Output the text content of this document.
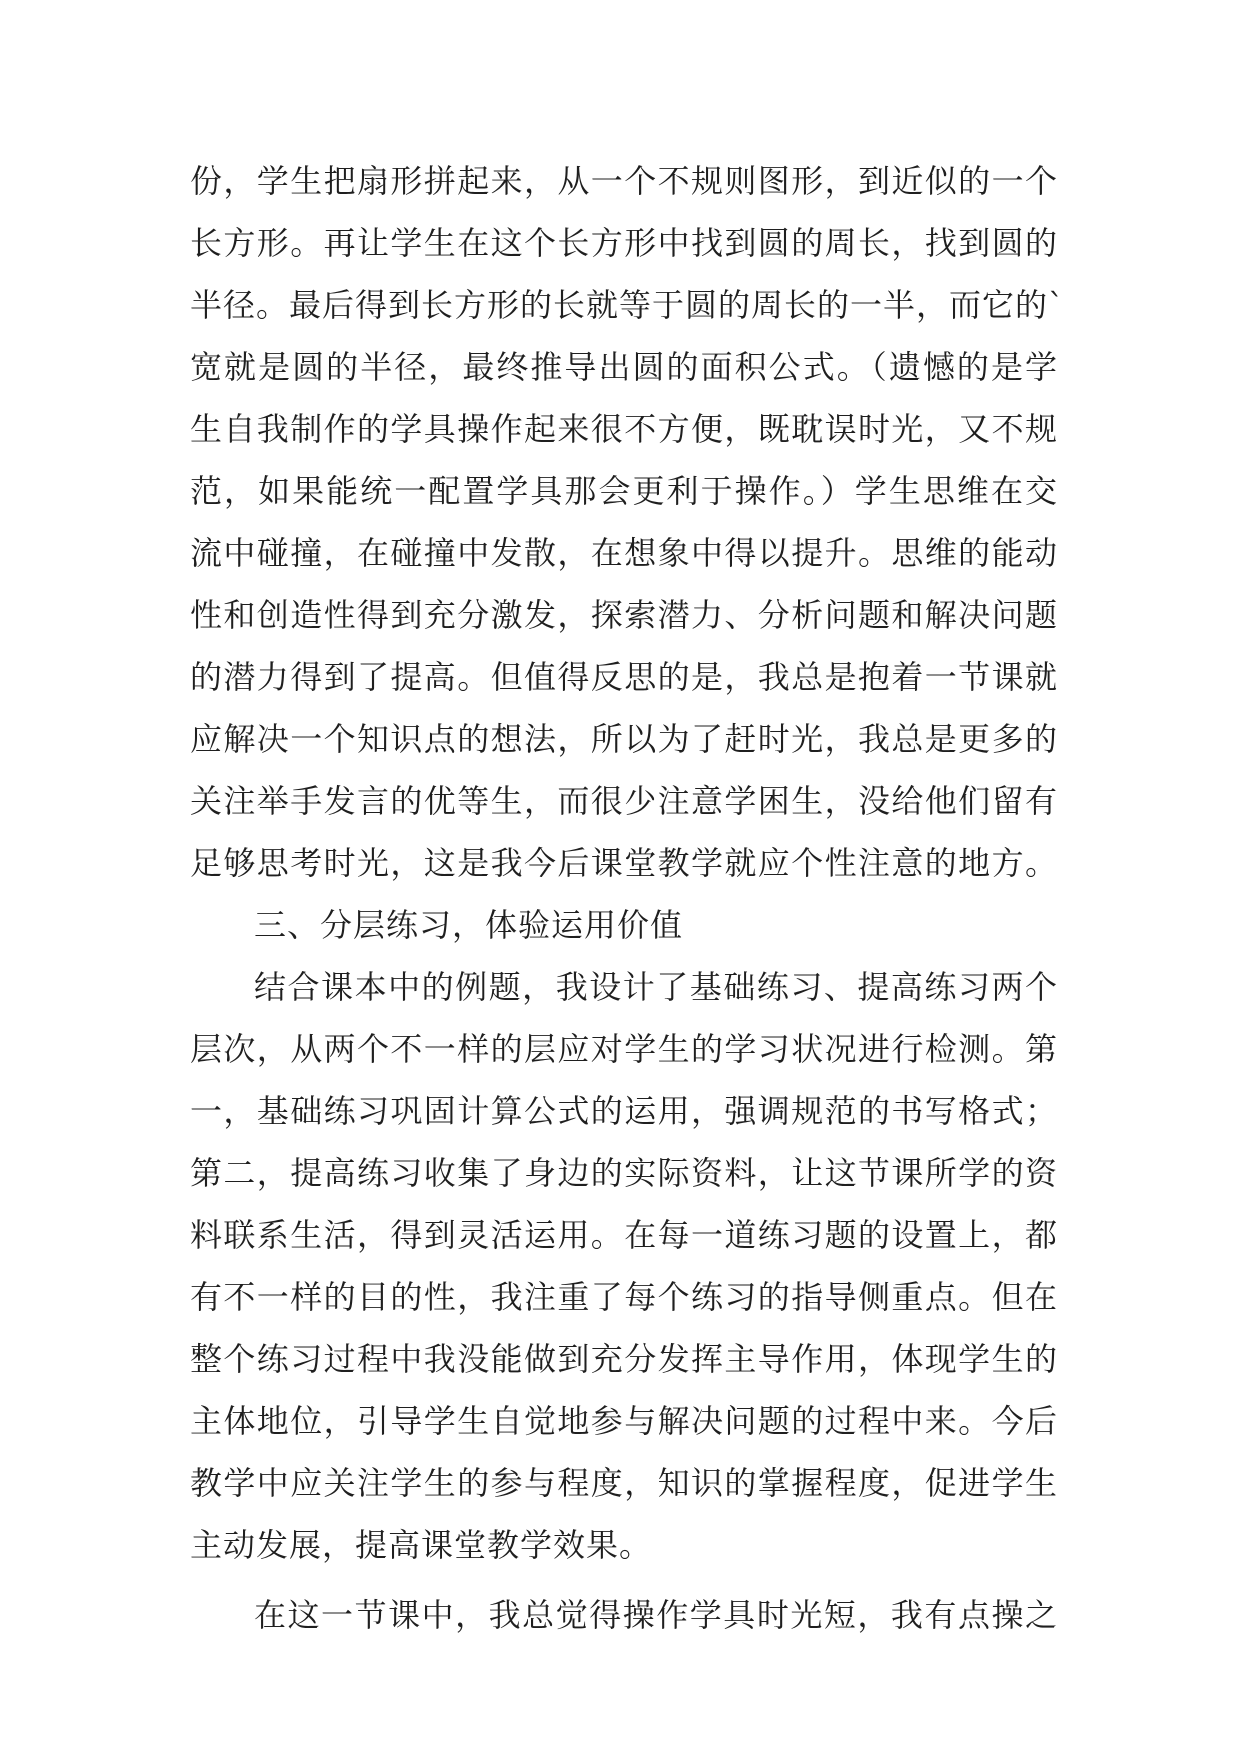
份，学生把扇形拼起来，从一个不规则图形，到近似的一个
长方形。再让学生在这个长方形中找到圆的周长，找到圆的
半径。最后得到长方形的长就等于圆的周长的一半，而它的`
宽就是圆的半径，最终推导出圆的面积公式。（遗憾的是学
生自我制作的学具操作起来很不方便，既耽误时光，又不规
范，如果能统一配置学具那会更利于操作。）学生思维在交
流中碰撞，在碰撞中发散，在想象中得以提升。思维的能动
性和创造性得到充分激发，探索潜力、分析问题和解决问题
的潜力得到了提高。但值得反思的是，我总是抱着一节课就
应解决一个知识点的想法，所以为了赶时光，我总是更多的
关注举手发言的优等生，而很少注意学困生，没给他们留有
足够思考时光，这是我今后课堂教学就应个性注意的地方。
三、分层练习，体验运用价值
结合课本中的例题，我设计了基础练习、提高练习两个
层次，从两个不一样的层应对学生的学习状况进行检测。第
一，基础练习巩固计算公式的运用，强调规范的书写格式；
第二，提高练习收集了身边的实际资料，让这节课所学的资
料联系生活，得到灵活运用。在每一道练习题的设置上，都
有不一样的目的性，我注重了每个练习的指导侧重点。但在
整个练习过程中我没能做到充分发挥主导作用，体现学生的
主体地位，引导学生自觉地参与解决问题的过程中来。今后
教学中应关注学生的参与程度，知识的掌握程度，促进学生
主动发展，提高课堂教学效果。
在这一节课中，我总觉得操作学具时光短，我有点操之
